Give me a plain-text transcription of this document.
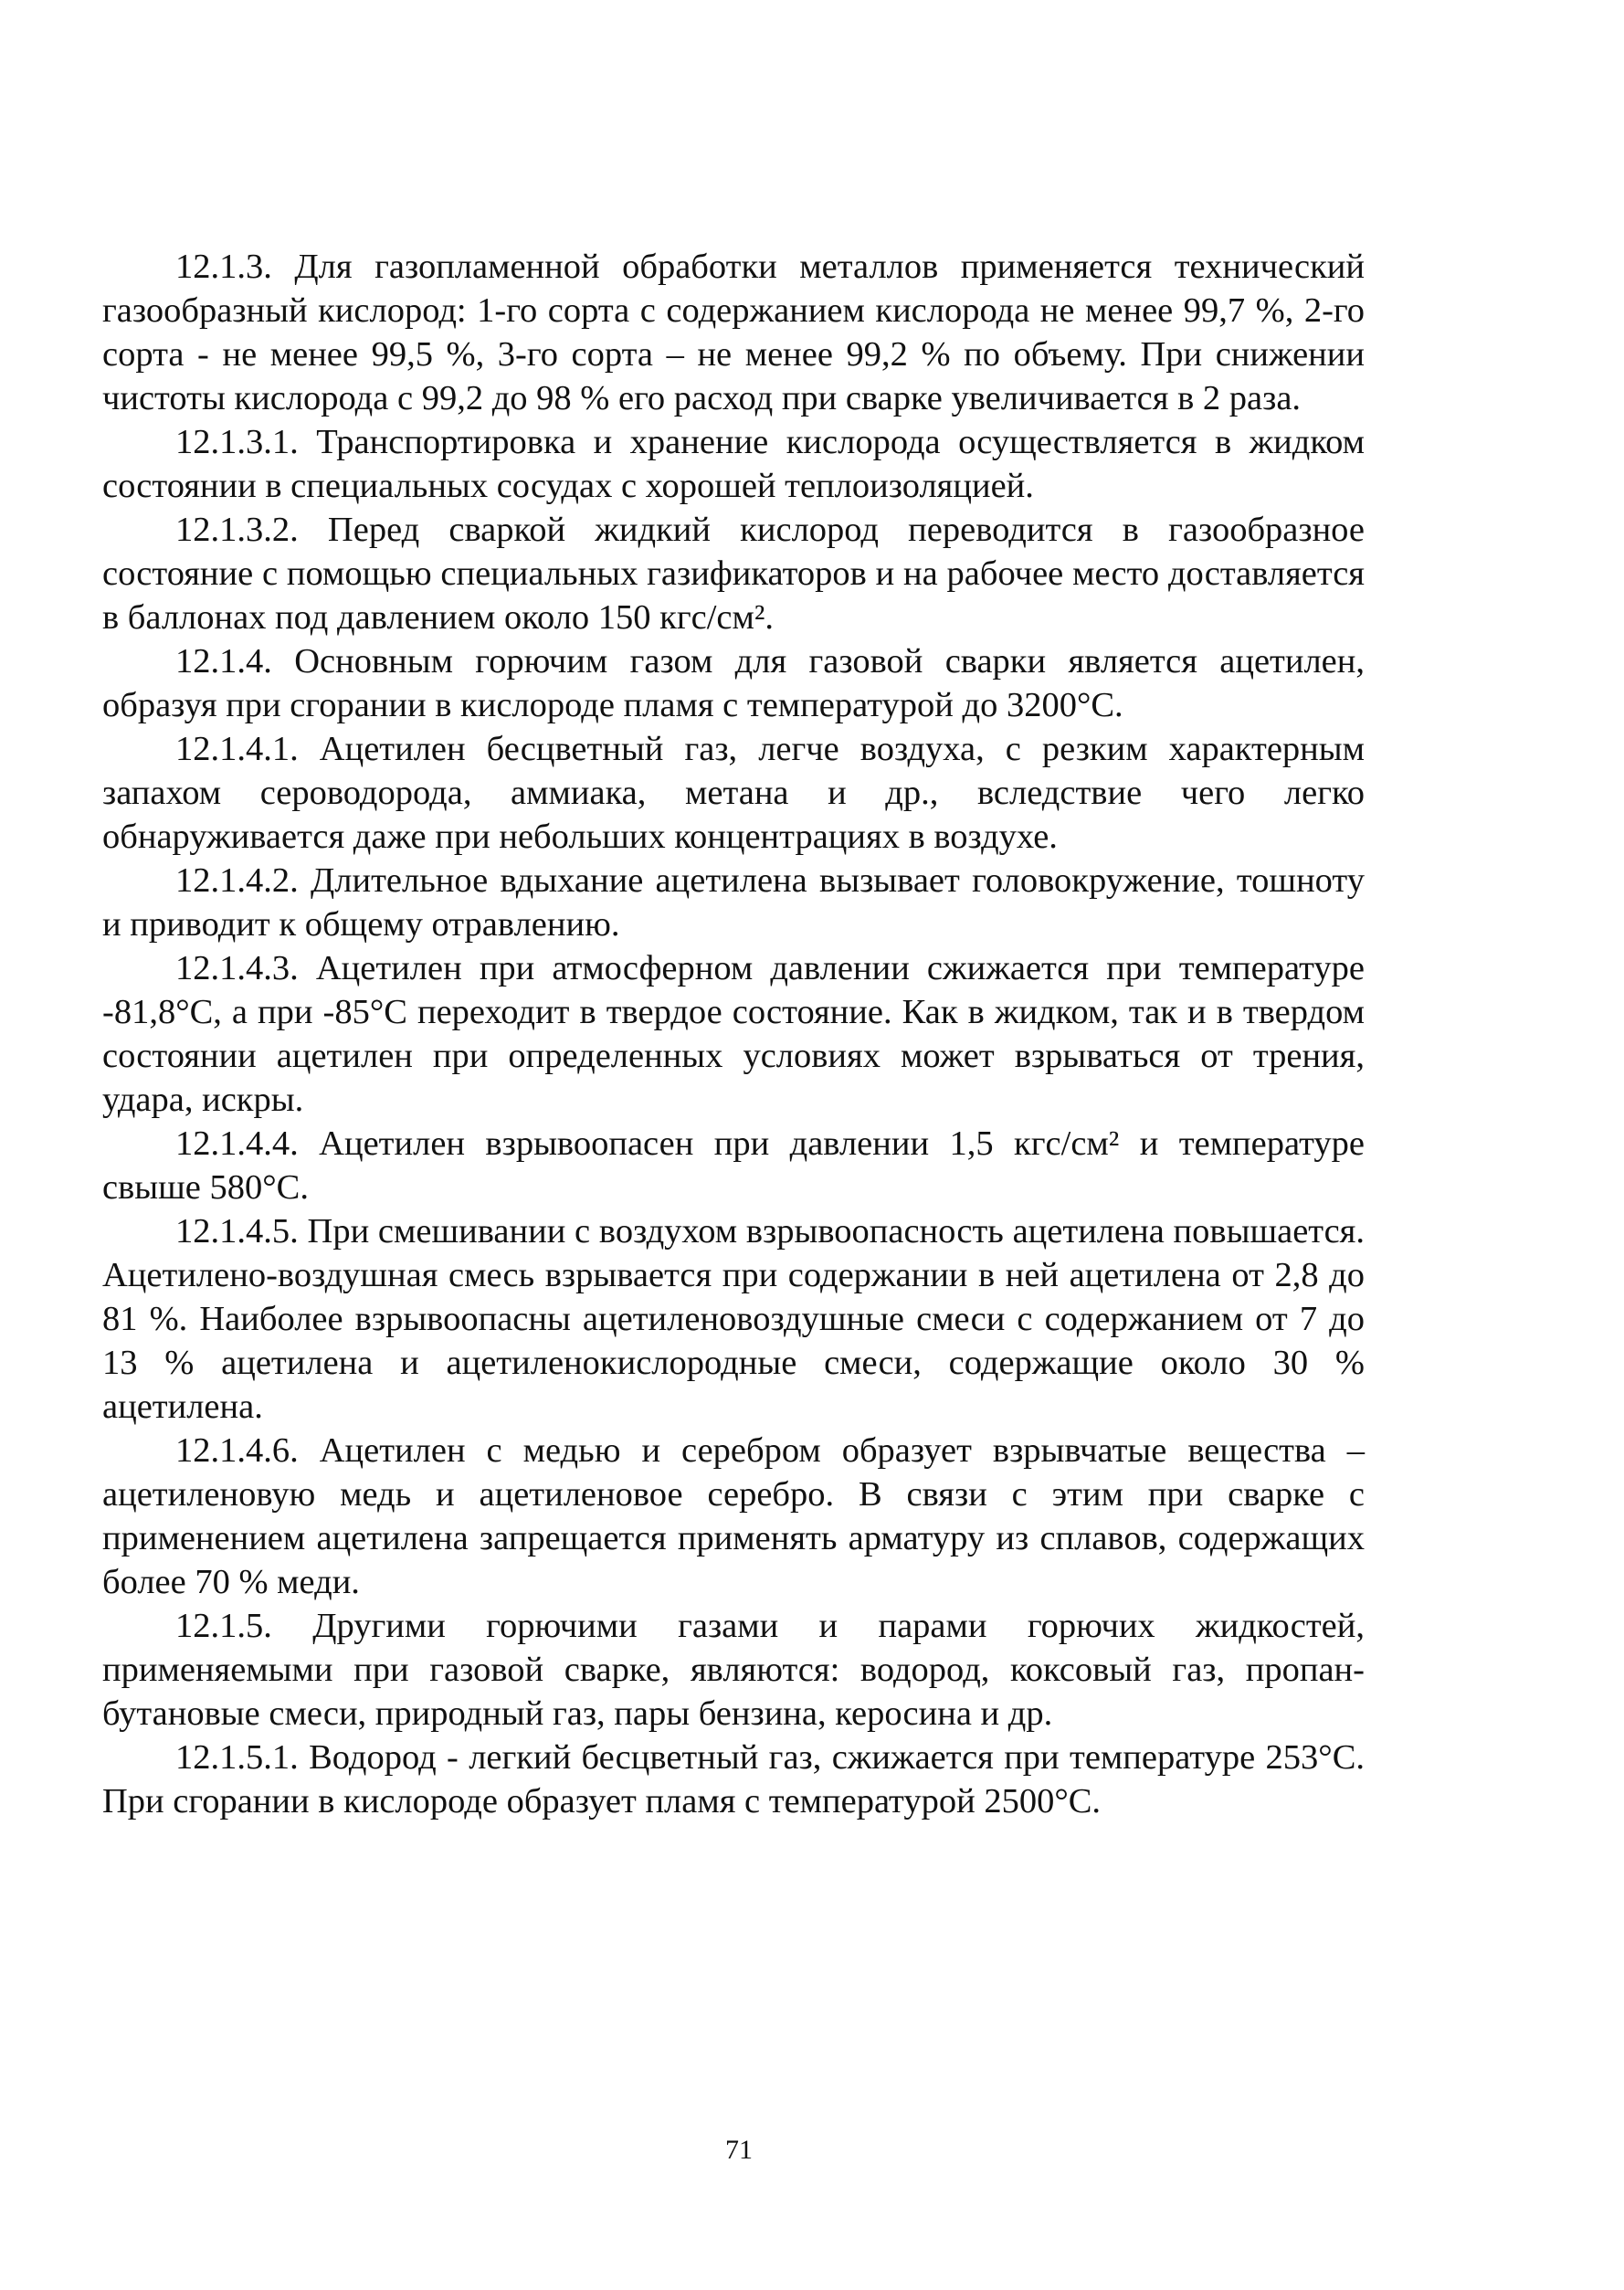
12.1.3. Для газопламенной обработки металлов применяется технический газообразный кислород: 1-го сорта с содержанием кислорода не менее 99,7 %, 2-го сорта - не менее 99,5 %, 3-го сорта – не менее 99,2 % по объему. При снижении чистоты кислорода с 99,2 до 98 % его расход при сварке увеличивается в 2 раза.

12.1.3.1. Транспортировка и хранение кислорода осуществляется в жидком состоянии в специальных сосудах с хорошей теплоизоляцией.

12.1.3.2. Перед сваркой жидкий кислород переводится в газообразное состояние с помощью специальных газификаторов и на рабочее место доставляется в баллонах под давлением около 150 кгс/см².

12.1.4. Основным горючим газом для газовой сварки является ацетилен, образуя при сгорании в кислороде пламя с температурой до 3200°С.

12.1.4.1. Ацетилен бесцветный газ, легче воздуха, с резким характерным запахом сероводорода, аммиака, метана и др., вследствие чего легко обнаруживается даже при небольших концентрациях в воздухе.

12.1.4.2. Длительное вдыхание ацетилена вызывает головокружение, тошноту и приводит к общему отравлению.

12.1.4.3. Ацетилен при атмосферном давлении сжижается при температуре -81,8°С, а при -85°С переходит в твердое состояние. Как в жидком, так и в твердом состоянии ацетилен при определенных условиях может взрываться от трения, удара, искры.

12.1.4.4. Ацетилен взрывоопасен при давлении 1,5 кгс/см² и температуре свыше 580°С.

12.1.4.5. При смешивании с воздухом взрывоопасность ацетилена повышается. Ацетилено-воздушная смесь взрывается при содержании в ней ацетилена от 2,8 до 81 %. Наиболее взрывоопасны ацетиленовоздушные смеси с содержанием от 7 до 13 % ацетилена и ацетиленокислородные смеси, содержащие около 30 % ацетилена.

12.1.4.6. Ацетилен с медью и серебром образует взрывчатые вещества – ацетиленовую медь и ацетиленовое серебро. В связи с этим при сварке с применением ацетилена запрещается применять арматуру из сплавов, содержащих более 70 % меди.

12.1.5. Другими горючими газами и парами горючих жидкостей, применяемыми при газовой сварке, являются: водород, коксовый газ, пропан-бутановые смеси, природный газ, пары бензина, керосина и др.

12.1.5.1. Водород - легкий бесцветный газ, сжижается при температуре 253°С. При сгорании в кислороде образует пламя с температурой 2500°С.

71
